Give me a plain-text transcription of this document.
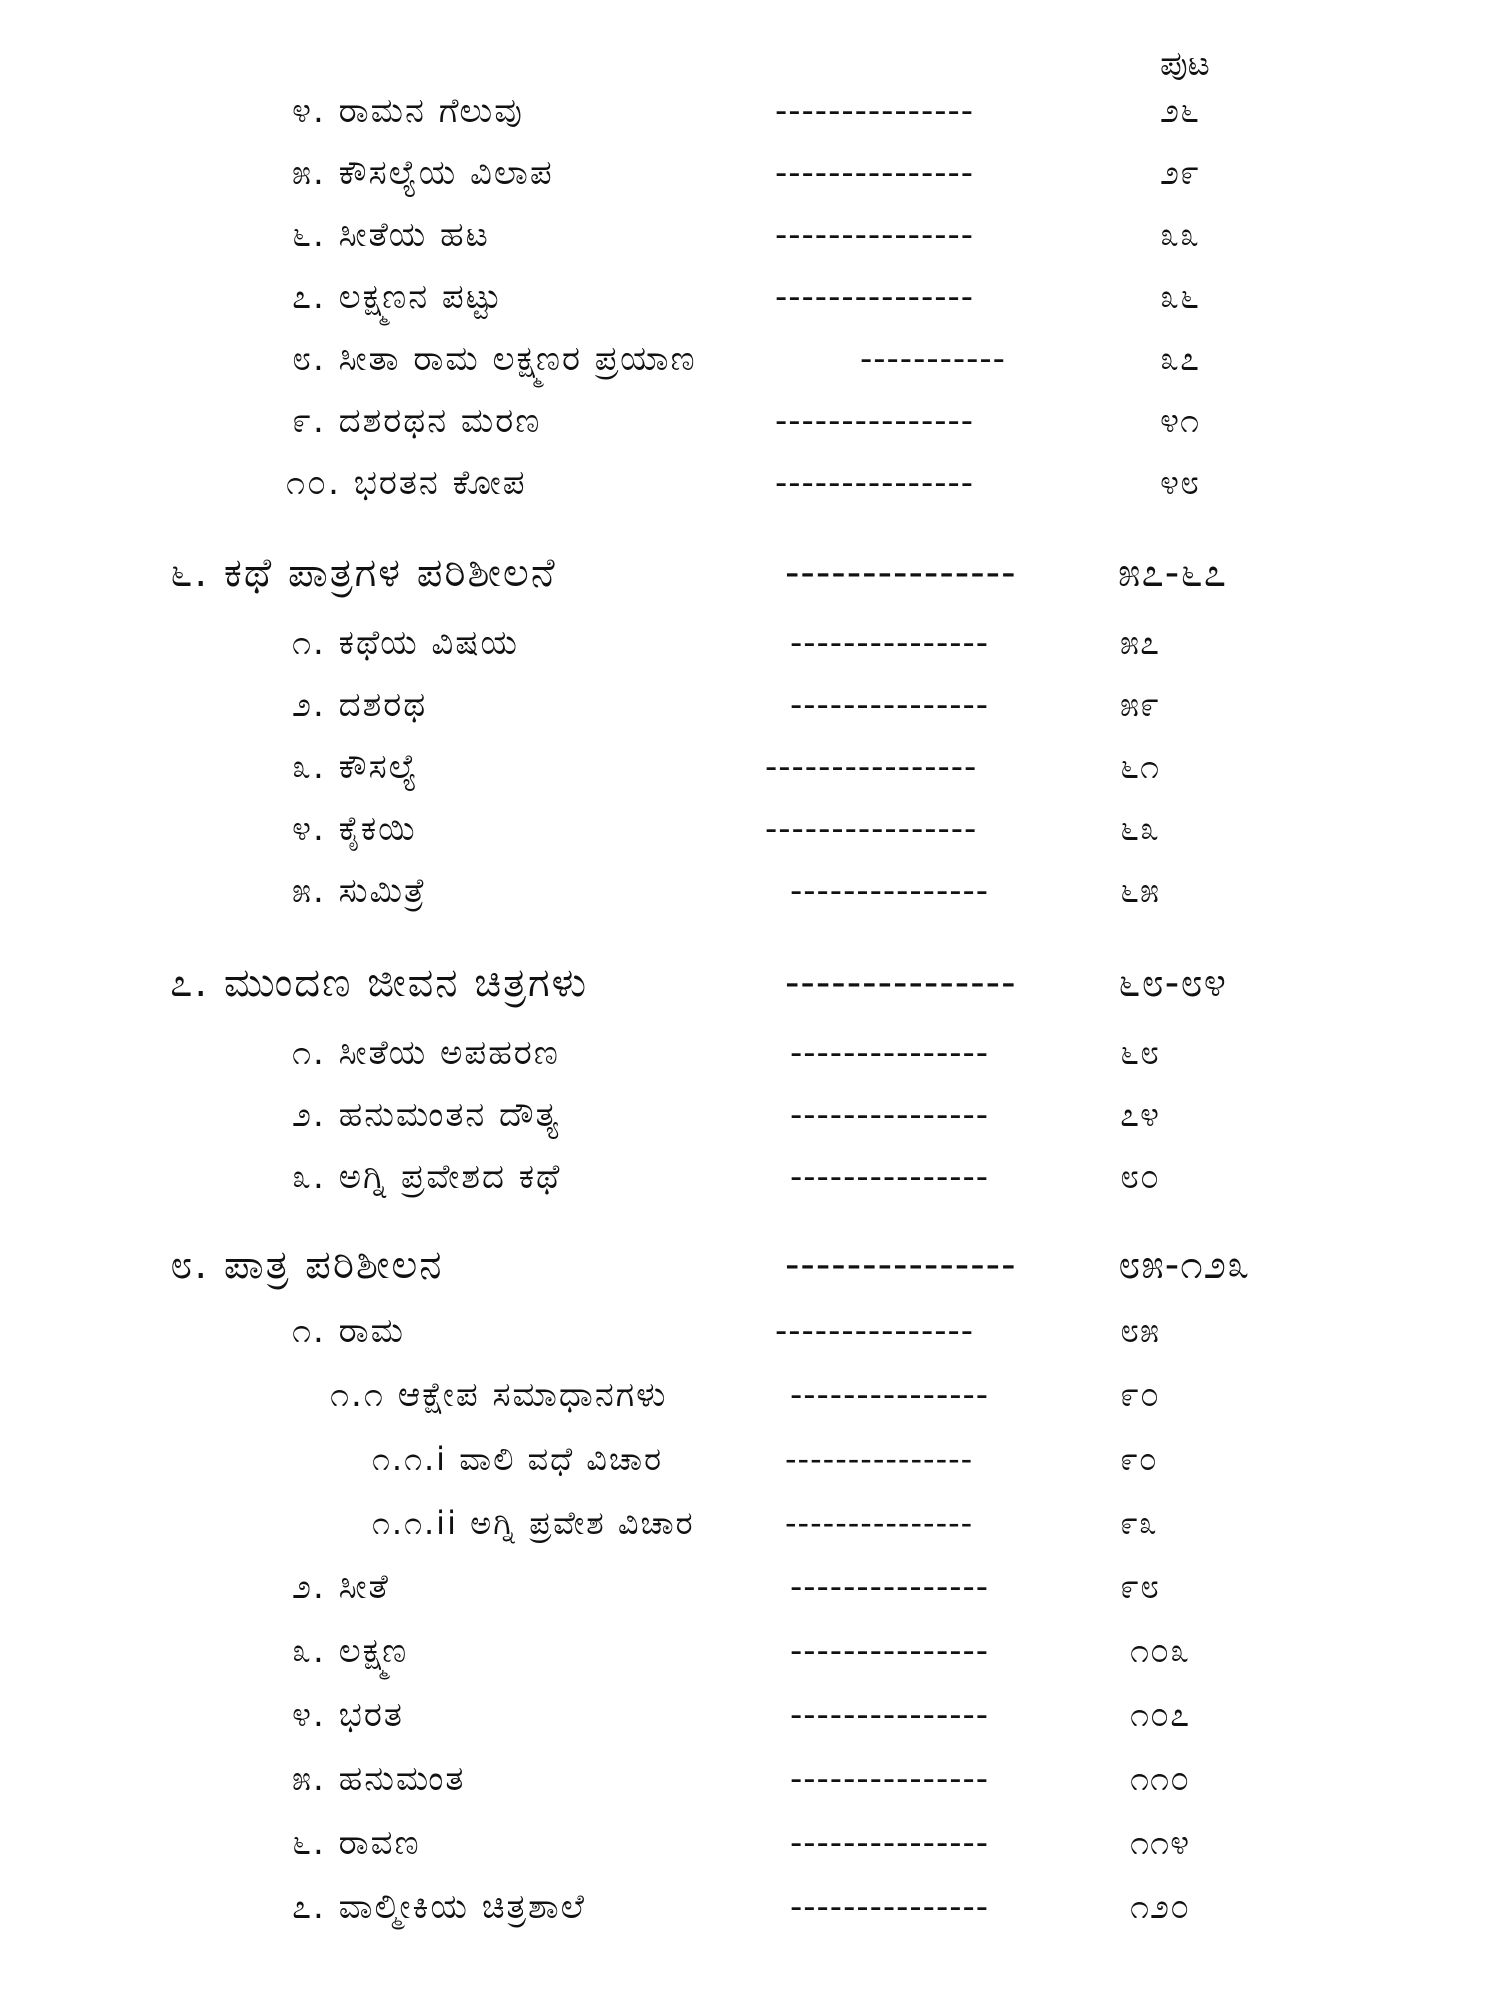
ಪುಟ
೪. ರಾಮನ ಗೆಲುವು	---------------	೨೬
೫. ಕೌಸಲ್ಯೆಯ ವಿಲಾಪ	---------------	೨೯
೬. ಸೀತೆಯ ಹಟ	---------------	೩೩
೭. ಲಕ್ಷ್ಮಣನ ಪಟ್ಟು	---------------	೩೬
೮. ಸೀತಾ ರಾಮ ಲಕ್ಷ್ಮಣರ ಪ್ರಯಾಣ	-----------	೩೭
೯. ದಶರಥನ ಮರಣ	---------------	೪೧
೧೦. ಭರತನ ಕೋಪ	---------------	೪೮
೬. ಕಥೆ ಪಾತ್ರಗಳ ಪರಿಶೀಲನೆ	---------------	೫೭-೬೭
೧. ಕಥೆಯ ವಿಷಯ	---------------	೫೭
೨. ದಶರಥ	---------------	೫೯
೩. ಕೌಸಲ್ಯೆ	----------------	೬೧
೪. ಕೈಕಯಿ	----------------	೬೩
೫. ಸುಮಿತ್ರೆ	---------------	೬೫
೭. ಮುಂದಣ ಜೀವನ ಚಿತ್ರಗಳು	---------------	೬೮-೮೪
೧. ಸೀತೆಯ ಅಪಹರಣ	---------------	೬೮
೨. ಹನುಮಂತನ ದೌತ್ಯ	---------------	೭೪
೩. ಅಗ್ನಿ ಪ್ರವೇಶದ ಕಥೆ	---------------	೮೦
೮. ಪಾತ್ರ ಪರಿಶೀಲನ	---------------	೮೫-೧೨೩
೧. ರಾಮ	---------------	೮೫
೧.೧ ಆಕ್ಷೇಪ ಸಮಾಧಾನಗಳು	---------------	೯೦
೧.೧.i ವಾಲಿ ವಧೆ ವಿಚಾರ	---------------	೯೦
೧.೧.ii ಅಗ್ನಿ ಪ್ರವೇಶ ವಿಚಾರ	---------------	೯೩
೨. ಸೀತೆ	---------------	೯೮
೩. ಲಕ್ಷ್ಮಣ	---------------	೧೦೩
೪. ಭರತ	---------------	೧೦೭
೫. ಹನುಮಂತ	---------------	೧೧೦
೬. ರಾವಣ	---------------	೧೧೪
೭. ವಾಲ್ಮೀಕಿಯ ಚಿತ್ರಶಾಲೆ	---------------	೧೨೦
